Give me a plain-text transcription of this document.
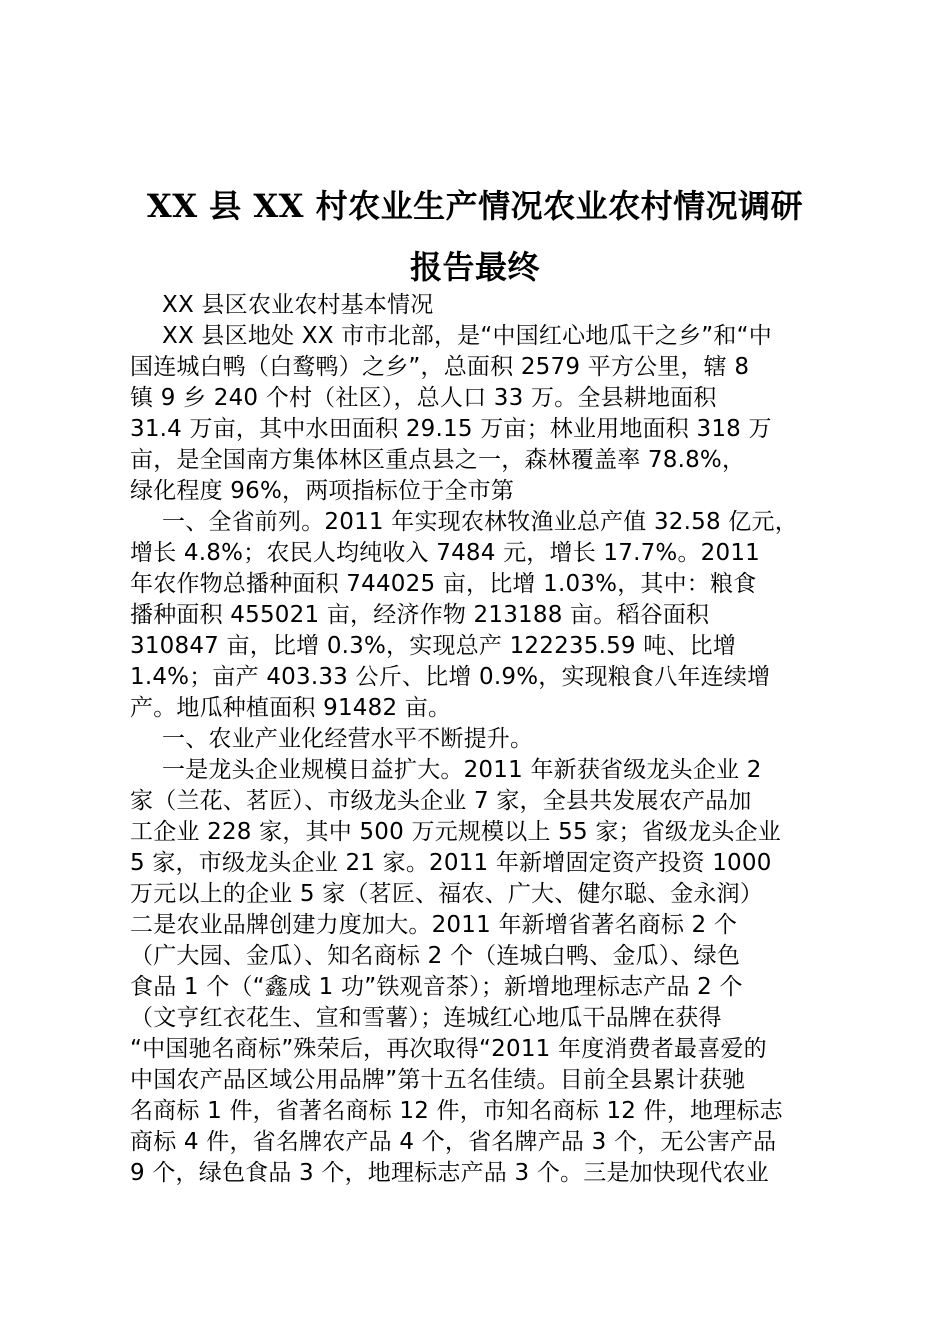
XX 县 XX 村农业生产情况农业农村情况调研
报告最终
XX 县区农业农村基本情况
XX 县区地处 XX 市市北部，是“中国红心地瓜干之乡”和“中
国连城白鸭（白鹜鸭）之乡”，总面积 2579 平方公里，辖 8
镇 9 乡 240 个村（社区），总人口 33 万。全县耕地面积
31.4 万亩，其中水田面积 29.15 万亩；林业用地面积 318 万
亩，是全国南方集体林区重点县之一，森林覆盖率 78.8%，
绿化程度 96%，两项指标位于全市第
一、全省前列。2011 年实现农林牧渔业总产值 32.58 亿元，
增长 4.8%；农民人均纯收入 7484 元，增长 17.7%。2011
年农作物总播种面积 744025 亩，比增 1.03%，其中：粮食
播种面积 455021 亩，经济作物 213188 亩。稻谷面积
310847 亩，比增 0.3%，实现总产 122235.59 吨、比增
1.4%；亩产 403.33 公斤、比增 0.9%，实现粮食八年连续增
产。地瓜种植面积 91482 亩。
一、农业产业化经营水平不断提升。
一是龙头企业规模日益扩大。2011 年新获省级龙头企业 2
家（兰花、茗匠）、市级龙头企业 7 家，全县共发展农产品加
工企业 228 家，其中 500 万元规模以上 55 家；省级龙头企业
5 家，市级龙头企业 21 家。2011 年新增固定资产投资 1000
万元以上的企业 5 家（茗匠、福农、广大、健尔聪、金永润）
二是农业品牌创建力度加大。2011 年新增省著名商标 2 个
（广大园、金瓜）、知名商标 2 个（连城白鸭、金瓜）、绿色
食品 1 个（“鑫成 1 功”铁观音茶）；新增地理标志产品 2 个
（文亨红衣花生、宣和雪薯）；连城红心地瓜干品牌在获得
“中国驰名商标”殊荣后，再次取得“2011 年度消费者最喜爱的
中国农产品区域公用品牌”第十五名佳绩。目前全县累计获驰
名商标 1 件，省著名商标 12 件，市知名商标 12 件，地理标志
商标 4 件，省名牌农产品 4 个，省名牌产品 3 个，无公害产品
9 个，绿色食品 3 个，地理标志产品 3 个。三是加快现代农业
